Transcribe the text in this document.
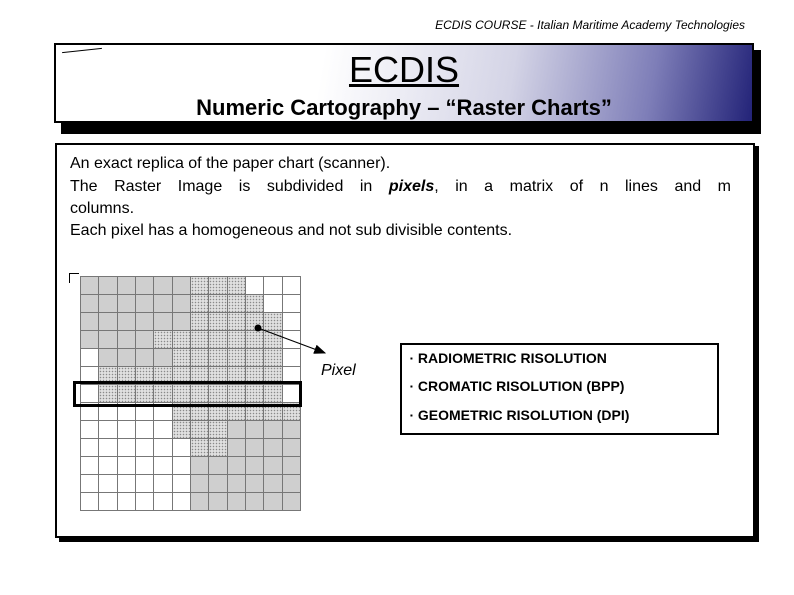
ECDIS COURSE - Italian Maritime Academy Technologies
ECDIS
Numeric Cartography – “Raster Charts”
An exact replica of the paper chart (scanner).
The Raster Image is subdivided in pixels, in a matrix of n lines and m
columns.
Each pixel has a homogeneous and not sub divisible contents.
Pixel
▪ RADIOMETRIC RISOLUTION
▪ CROMATIC RISOLUTION (BPP)
▪ GEOMETRIC RISOLUTION (DPI)
